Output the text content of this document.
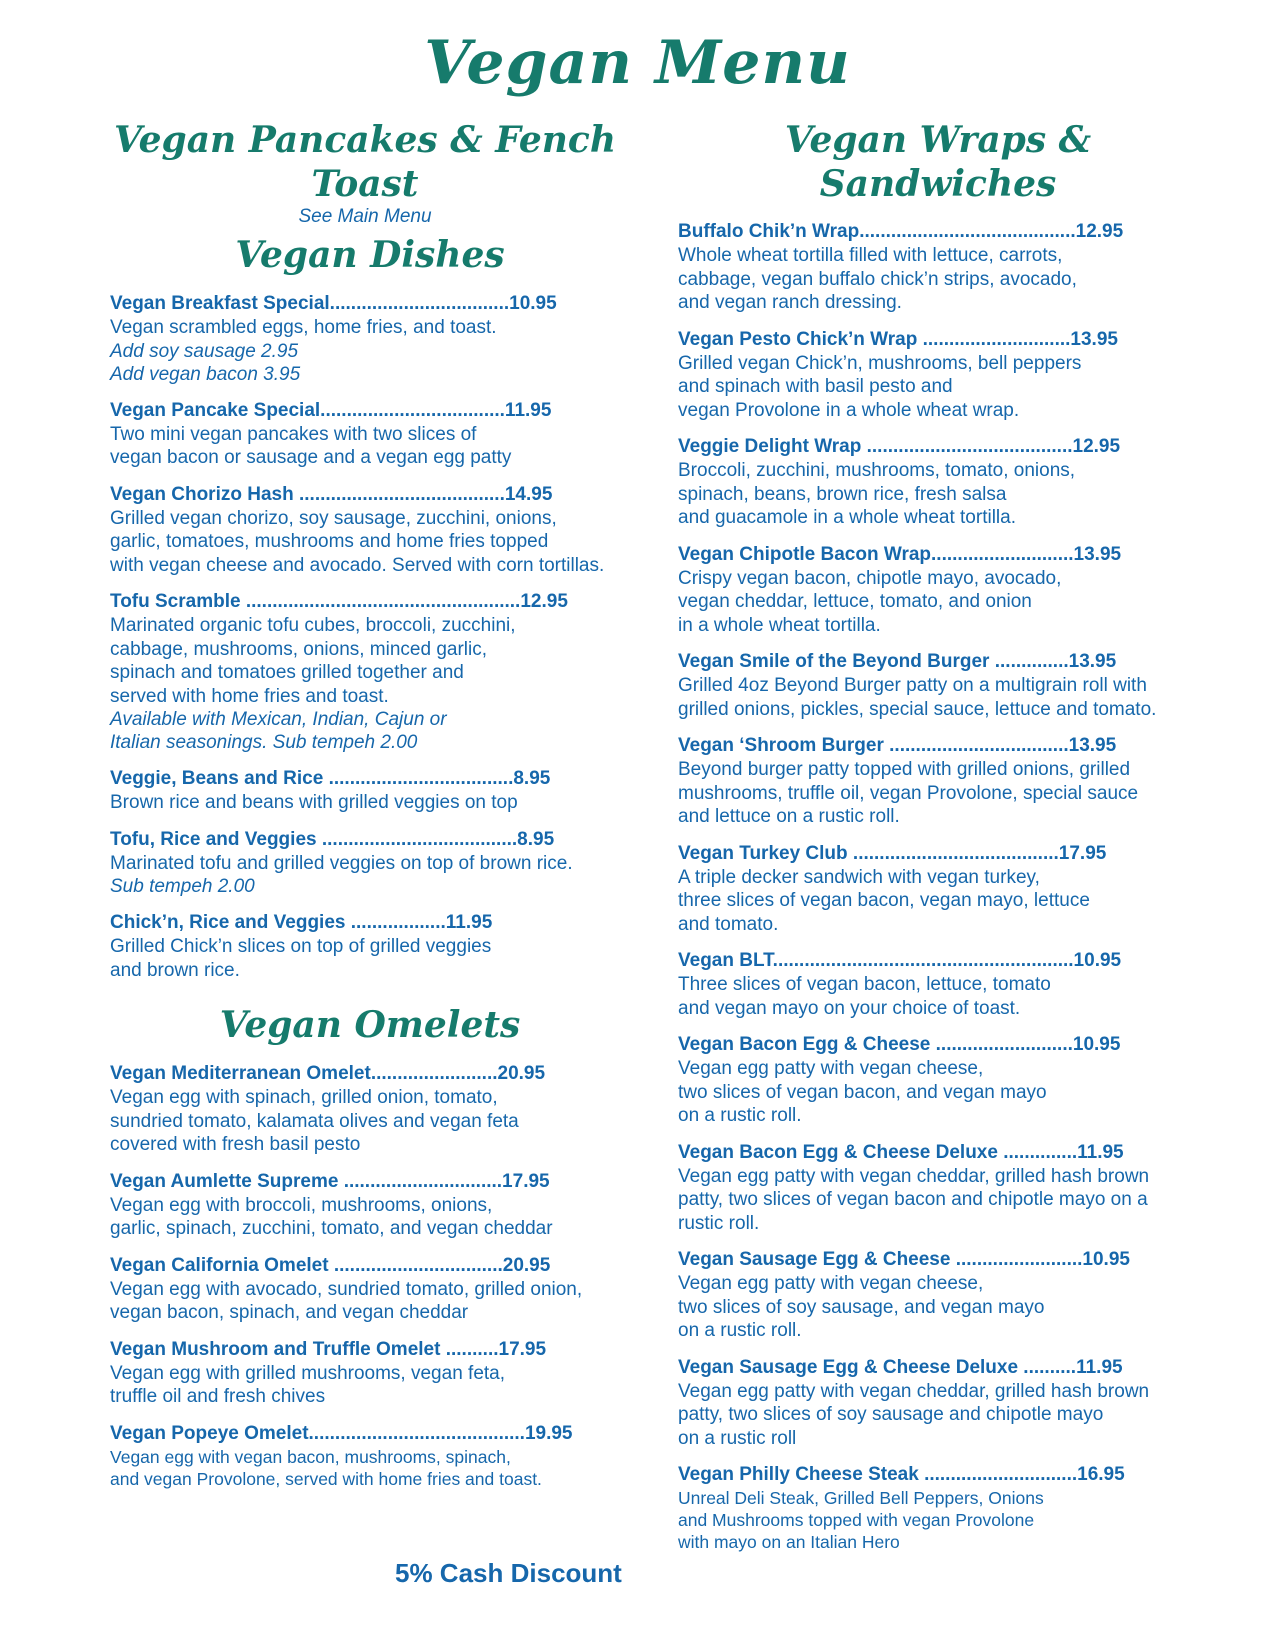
Vegan Menu
Vegan Pancakes & Fench Toast
See Main Menu
Vegan Dishes
Vegan Breakfast Special..................................10.95
Vegan scrambled eggs, home fries, and toast.
Add soy sausage 2.95
Add vegan bacon 3.95
Vegan Pancake Special...................................11.95
Two mini vegan pancakes with two slices of
vegan bacon or sausage and a vegan egg patty
Vegan Chorizo Hash .......................................14.95
Grilled vegan chorizo, soy sausage, zucchini, onions,
garlic, tomatoes, mushrooms and home fries topped
with vegan cheese and avocado. Served with corn tortillas.
Tofu Scramble ....................................................12.95
Marinated organic tofu cubes, broccoli, zucchini,
cabbage, mushrooms, onions, minced garlic,
spinach and tomatoes grilled together and
served with home fries and toast.
Available with Mexican, Indian, Cajun or
Italian seasonings. Sub tempeh 2.00
Veggie, Beans and Rice ...................................8.95
Brown rice and beans with grilled veggies on top
Tofu, Rice and Veggies .....................................8.95
Marinated tofu and grilled veggies on top of brown rice.
Sub tempeh 2.00
Chick’n, Rice and Veggies ..................11.95
Grilled Chick’n slices on top of grilled veggies
and brown rice.
Vegan Omelets
Vegan Mediterranean Omelet........................20.95
Vegan egg with spinach, grilled onion, tomato,
sundried tomato, kalamata olives and vegan feta
covered with fresh basil pesto
Vegan Aumlette Supreme ..............................17.95
Vegan egg with broccoli, mushrooms, onions,
garlic, spinach, zucchini, tomato, and vegan cheddar
Vegan California Omelet ................................20.95
Vegan egg with avocado, sundried tomato, grilled onion,
vegan bacon, spinach, and vegan cheddar
Vegan Mushroom and Truffle Omelet ..........17.95
Vegan egg with grilled mushrooms, vegan feta,
truffle oil and fresh chives
Vegan Popeye Omelet.........................................19.95
Vegan egg with vegan bacon, mushrooms, spinach,
and vegan Provolone, served with home fries and toast.
Vegan Wraps & Sandwiches
Buffalo Chik’n Wrap.........................................12.95
Whole wheat tortilla filled with lettuce, carrots,
cabbage, vegan buffalo chick’n strips, avocado,
and vegan ranch dressing.
Vegan Pesto Chick’n Wrap ............................13.95
Grilled vegan Chick’n, mushrooms, bell peppers
and spinach with basil pesto and
vegan Provolone in a whole wheat wrap.
Veggie Delight Wrap .......................................12.95
Broccoli, zucchini, mushrooms, tomato, onions,
spinach, beans, brown rice, fresh salsa
and guacamole in a whole wheat tortilla.
Vegan Chipotle Bacon Wrap...........................13.95
Crispy vegan bacon, chipotle mayo, avocado,
vegan cheddar, lettuce, tomato, and onion
in a whole wheat tortilla.
Vegan Smile of the Beyond Burger ..............13.95
Grilled 4oz Beyond Burger patty on a multigrain roll with
grilled onions, pickles, special sauce, lettuce and tomato.
Vegan ‘Shroom Burger ..................................13.95
Beyond burger patty topped with grilled onions, grilled
mushrooms, truffle oil, vegan Provolone, special sauce
and lettuce on a rustic roll.
Vegan Turkey Club .......................................17.95
A triple decker sandwich with vegan turkey,
three slices of vegan bacon, vegan mayo, lettuce
and tomato.
Vegan BLT.........................................................10.95
Three slices of vegan bacon, lettuce, tomato
and vegan mayo on your choice of toast.
Vegan Bacon Egg & Cheese ..........................10.95
Vegan egg patty with vegan cheese,
two slices of vegan bacon, and vegan mayo
on a rustic roll.
Vegan Bacon Egg & Cheese Deluxe ..............11.95
Vegan egg patty with vegan cheddar, grilled hash brown
patty, two slices of vegan bacon and chipotle mayo on a
rustic roll.
Vegan Sausage Egg & Cheese ........................10.95
Vegan egg patty with vegan cheese,
two slices of soy sausage, and vegan mayo
on a rustic roll.
Vegan Sausage Egg & Cheese Deluxe ..........11.95
Vegan egg patty with vegan cheddar, grilled hash brown
patty, two slices of soy sausage and chipotle mayo
on a rustic roll
Vegan Philly Cheese Steak .............................16.95
Unreal Deli Steak, Grilled Bell Peppers, Onions
and Mushrooms topped with vegan Provolone
with mayo on an Italian Hero
5% Cash Discount
